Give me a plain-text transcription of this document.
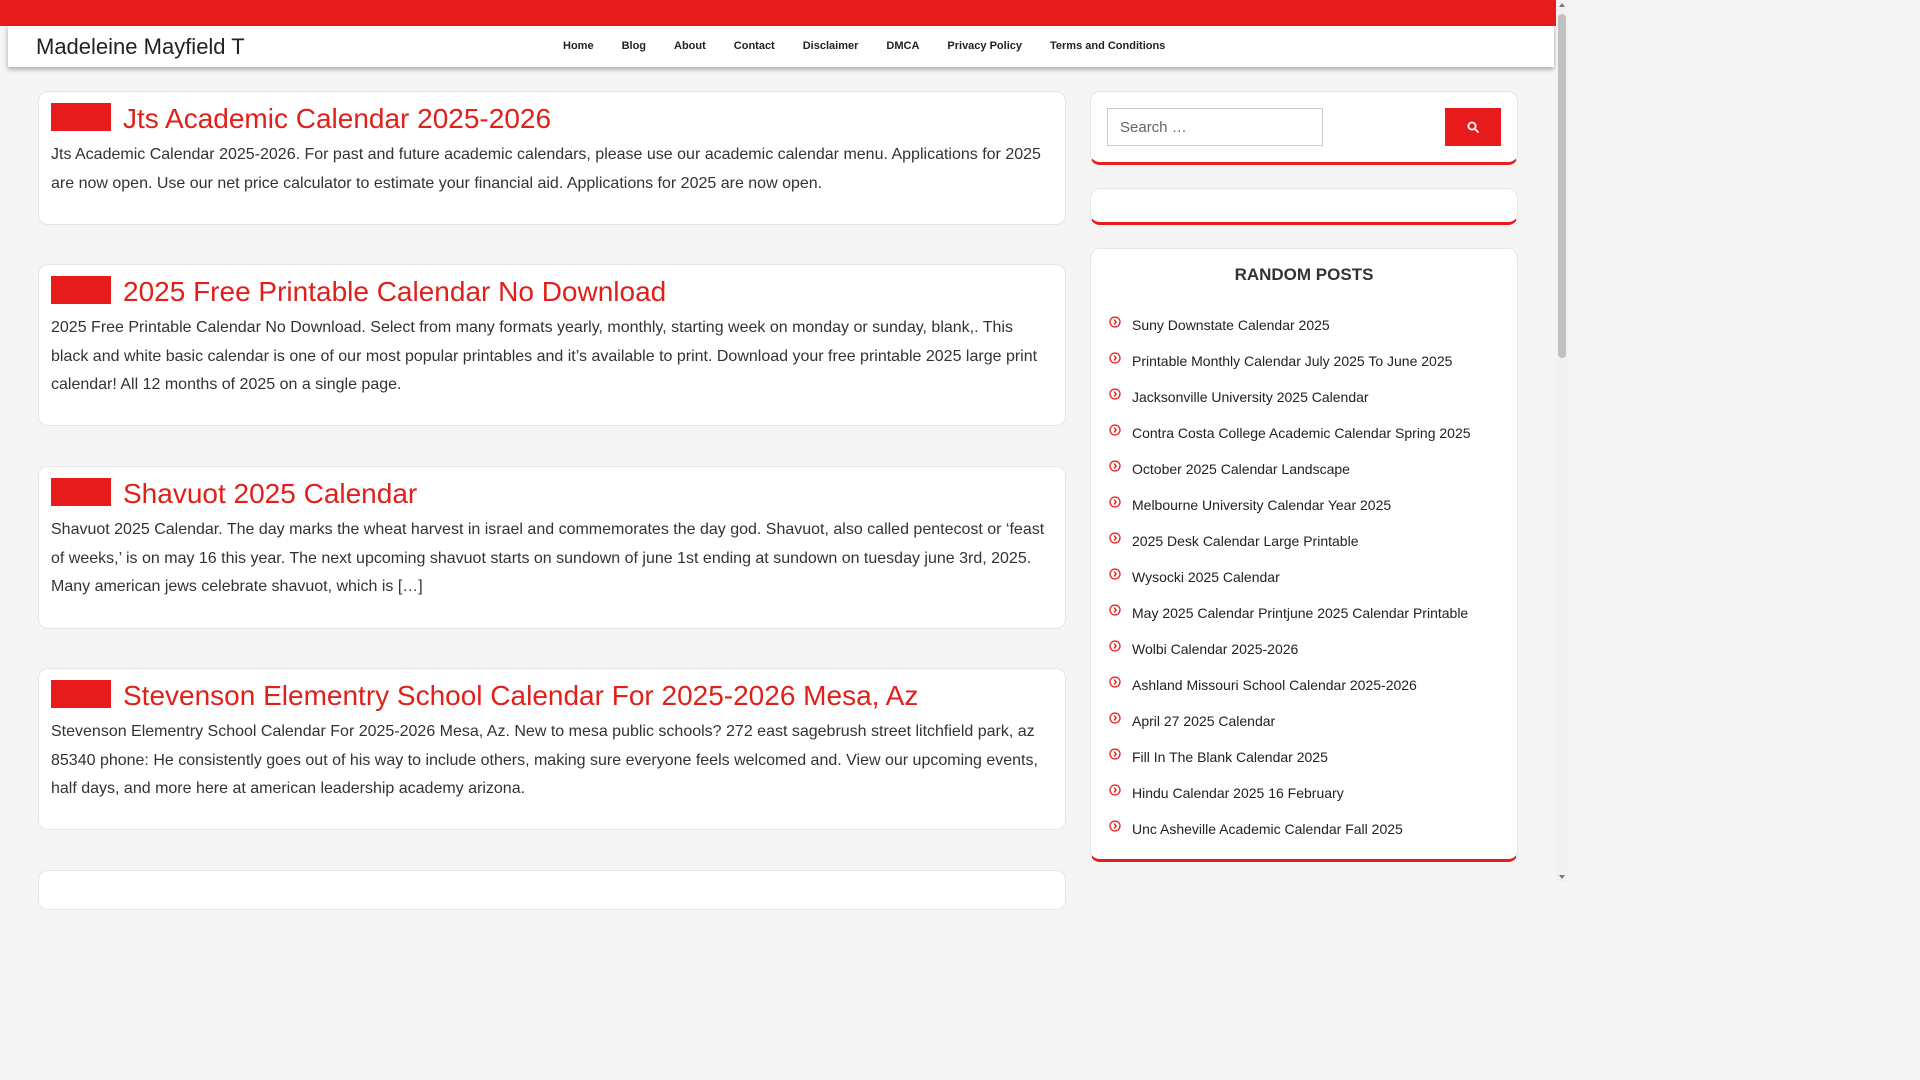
Madeleine Mayfield T	Home	Blog	About	Contact	Disclaimer	DMCA	Privacy Policy	Terms and Conditions
Jts Academic Calendar 2025-2026

Jts Academic Calendar 2025-2026. For past and future academic calendars, please use our academic calendar menu. Applications for 2025 are now open. Use our net price calculator to estimate your financial aid. Applications for 2025 are now open.

2025 Free Printable Calendar No Download

2025 Free Printable Calendar No Download. Select from many formats yearly, monthly, starting week on monday or sunday, blank,. This black and white basic calendar is one of our most popular printables and it’s available to print. Download your free printable 2025 large print calendar! All 12 months of 2025 on a single page.

Shavuot 2025 Calendar

Shavuot 2025 Calendar. The day marks the wheat harvest in israel and commemorates the day god. Shavuot, also called pentecost or ‘feast of weeks,’ is on may 16 this year. The next upcoming shavuot starts on sundown of june 1st ending at sundown on tuesday june 3rd, 2025. Many american jews celebrate shavuot, which is […]

Stevenson Elementry School Calendar For 2025-2026 Mesa, Az

Stevenson Elementry School Calendar For 2025-2026 Mesa, Az. New to mesa public schools? 272 east sagebrush street litchfield park, az 85340 phone: He consistently goes out of his way to include others, making sure everyone feels welcomed and. View our upcoming events, half days, and more here at american leadership academy arizona.

Search …
RANDOM POSTS
Suny Downstate Calendar 2025
Printable Monthly Calendar July 2025 To June 2025
Jacksonville University 2025 Calendar
Contra Costa College Academic Calendar Spring 2025
October 2025 Calendar Landscape
Melbourne University Calendar Year 2025
2025 Desk Calendar Large Printable
Wysocki 2025 Calendar
May 2025 Calendar Printjune 2025 Calendar Printable
Wolbi Calendar 2025-2026
Ashland Missouri School Calendar 2025-2026
April 27 2025 Calendar
Fill In The Blank Calendar 2025
Hindu Calendar 2025 16 February
Unc Asheville Academic Calendar Fall 2025
